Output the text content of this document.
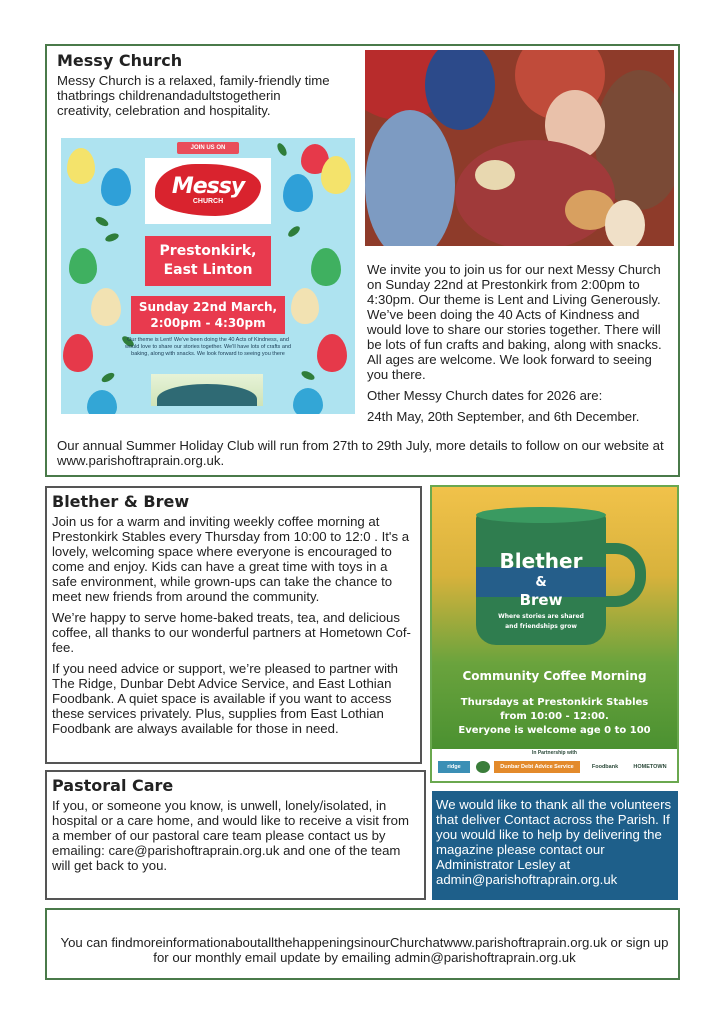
Messy Church
Messy Church is a relaxed, family-friendly time thatbrings childrenandadultstogetherin creativity, celebration and hospitality.
JOIN US ON
Messy
CHURCH
Prestonkirk,
East Linton
Sunday 22nd March,
2:00pm - 4:30pm
Our theme is Lent! We've been doing the 40 Acts of Kindness, and would love to share our stories together. We'll have lots of crafts and baking, along with snacks. We look forward to seeing you there

We invite you to join us for our next Messy Church on Sunday 22nd at Prestonkirk from 2:00pm to 4:30pm. Our theme is Lent and Living Generously. We’ve been doing the 40 Acts of Kindness and would love to share our stories together. There will be lots of fun crafts and baking, along with snacks. All ages are welcome. We look forward to seeing you there.

Other Messy Church dates for 2026 are:

24th May, 20th September, and 6th December.

Our annual Summer Holiday Club will run from 27th to 29th July, more details to follow on our website at www.parishoftraprain.org.uk.
Blether & Brew

Join us for a warm and inviting weekly coffee morning at Prestonkirk Stables every Thursday from 10:00 to 12:0 . It's a lovely, welcoming space where everyone is encouraged to come and enjoy. Kids can have a great time with toys in a safe environment, while grown-ups can take the chance to meet new friends from around the community.

We’re happy to serve home-baked treats, tea, and delicious coffee, all thanks to our wonderful partners at Hometown Cof-fee.

If you need advice or support, we’re pleased to partner with The Ridge, Dunbar Debt Advice Service, and East Lothian Foodbank. A quiet space is available if you want to access these services privately. Plus, supplies from East Lothian Foodbank are always available for those in need.

Blether
&
Brew
Where stories are shared
and friendships grow
Community Coffee Morning
Thursdays at Prestonkirk Stables
from 10:00 - 12:00.
Everyone is welcome age 0 to 100
In Partnership with
ridge	Dunbar Debt Advice Service	Foodbank	HOMETOWN
Pastoral Care
If you, or someone you know, is unwell, lonely/isolated, in hospital or a care home, and would like to receive a visit from a member of our pastoral care team please contact us by emailing: care@parishoftraprain.org.uk and one of the team will get back to you.
We would like to thank all the volunteers that deliver Contact across the Parish. If you would like to help by delivering the magazine please contact our Administrator Lesley at admin@parishoftraprain.org.uk
You can findmoreinformationaboutallthehappeningsinourChurchatwww.parishoftraprain.org.uk or sign up for our monthly email update by emailing admin@parishoftraprain.org.uk
